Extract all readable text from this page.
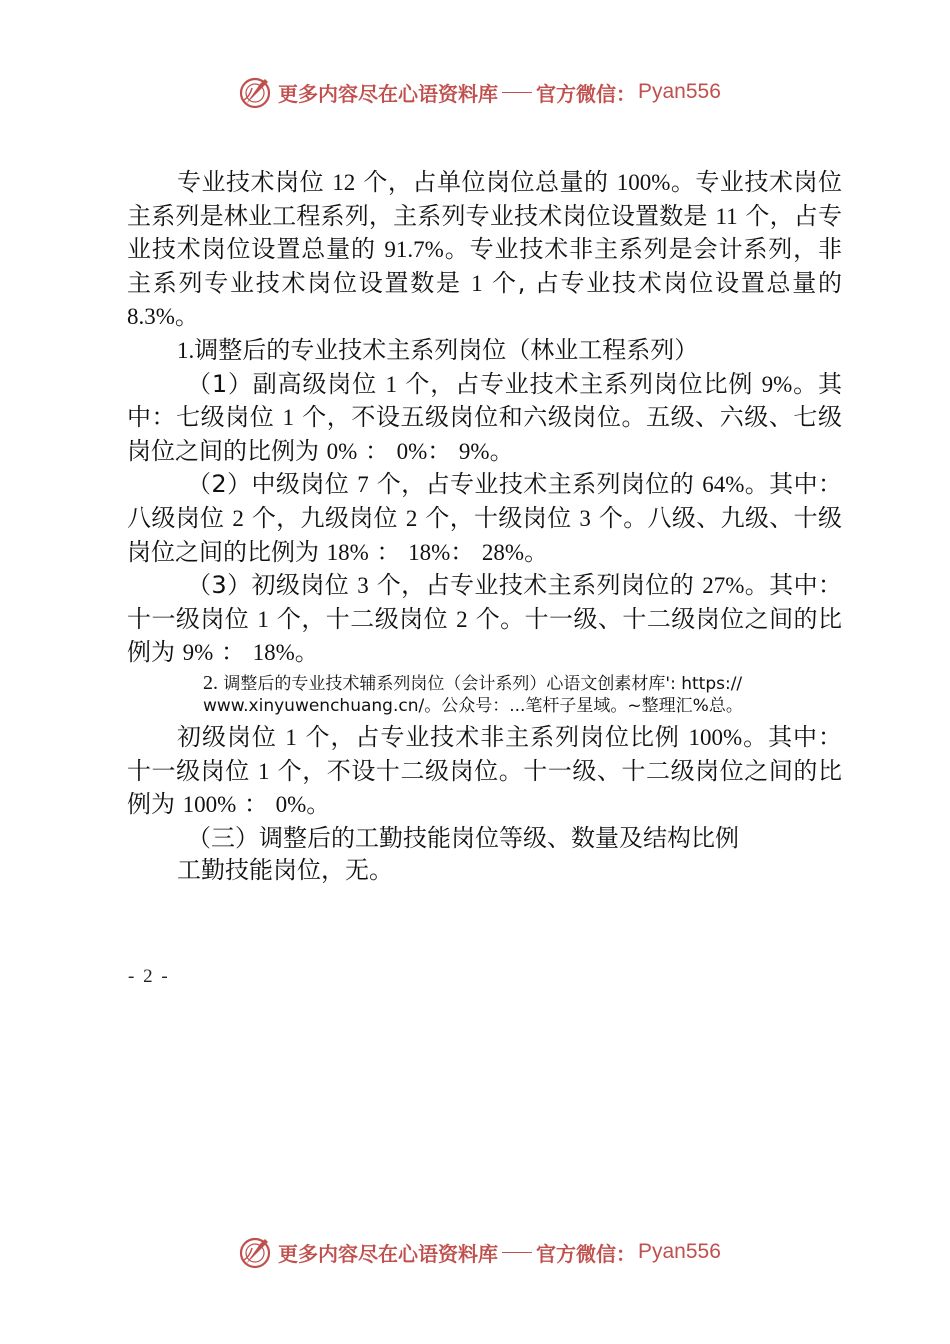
更多内容尽在心语资料库 官方微信： Pyan556

专业技术岗位 12 个，占单位岗位总量的 100%。专业技术岗位主系列是林业工程系列，主系列专业技术岗位设置数是 11 个，占专业技术岗位设置总量的 91.7%。专业技术非主系列是会计系列，非主系列专业技术岗位设置数是 1 个, 占专业技术岗位设置总量的 8.3%。

1.调整后的专业技术主系列岗位（林业工程系列）

（1）副高级岗位 1 个，占专业技术主系列岗位比例 9%。其中：七级岗位 1 个，不设五级岗位和六级岗位。五级、六级、七级岗位之间的比例为 0% ： 0%： 9%。

（2）中级岗位 7 个，占专业技术主系列岗位的 64%。其中： 八级岗位 2 个，九级岗位 2 个，十级岗位 3 个。八级、九级、十级岗位之间的比例为 18% ： 18%： 28%。

（3）初级岗位 3 个，占专业技术主系列岗位的 27%。其中：十一级岗位 1 个，十二级岗位 2 个。十一级、十二级岗位之间的比例为 9% ： 18%。

2. 调整后的专业技术辅系列岗位（会计系列）心语文创素材库': https:// www.xinyuwenchuang.cn/。公众号：...笔杆子星域。~整理汇%总。

初级岗位 1 个，占专业技术非主系列岗位比例 100%。其中： 十一级岗位 1 个，不设十二级岗位。十一级、十二级岗位之间的比例为 100% ： 0%。

（三）调整后的工勤技能岗位等级、数量及结构比例

工勤技能岗位，无。

- 2 -
更多内容尽在心语资料库 官方微信： Pyan556
